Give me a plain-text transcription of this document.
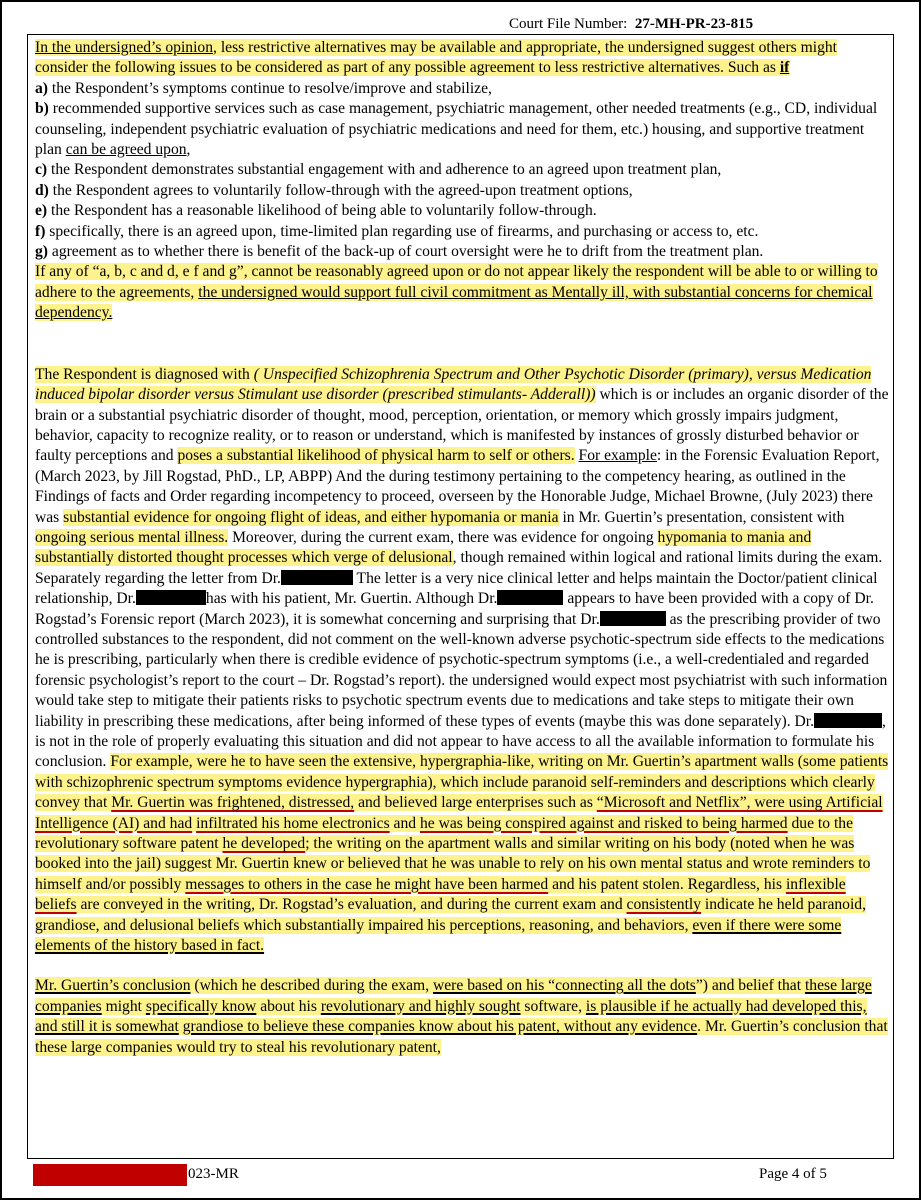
Court File Number: 27-MH-PR-23-815

In the undersigned’s opinion, less restrictive alternatives may be available and appropriate, the undersigned suggest others might consider the following issues to be considered as part of any possible agreement to less restrictive alternatives. Such as if
a) the Respondent’s symptoms continue to resolve/improve and stabilize,
b) recommended supportive services such as case management, psychiatric management, other needed treatments (e.g., CD, individual counseling, independent psychiatric evaluation of psychiatric medications and need for them, etc.) housing, and supportive treatment plan can be agreed upon,
c) the Respondent demonstrates substantial engagement with and adherence to an agreed upon treatment plan,
d) the Respondent agrees to voluntarily follow-through with the agreed-upon treatment options,
e) the Respondent has a reasonable likelihood of being able to voluntarily follow-through.
f) specifically, there is an agreed upon, time-limited plan regarding use of firearms, and purchasing or access to, etc.
g) agreement as to whether there is benefit of the back-up of court oversight were he to drift from the treatment plan.
If any of “a, b, c and d, e f and g”, cannot be reasonably agreed upon or do not appear likely the respondent will be able to or willing to adhere to the agreements, the undersigned would support full civil commitment as Mentally ill, with substantial concerns for chemical dependency.

The Respondent is diagnosed with ( Unspecified Schizophrenia Spectrum and Other Psychotic Disorder (primary), versus Medication induced bipolar disorder versus Stimulant use disorder (prescribed stimulants- Adderall)) which is or includes an organic disorder of the brain or a substantial psychiatric disorder of thought, mood, perception, orientation, or memory which grossly impairs judgment, behavior, capacity to recognize reality, or to reason or understand, which is manifested by instances of grossly disturbed behavior or faulty perceptions and poses a substantial likelihood of physical harm to self or others. For example: in the Forensic Evaluation Report, (March 2023, by Jill Rogstad, PhD., LP, ABPP) And the during testimony pertaining to the competency hearing, as outlined in the Findings of facts and Order regarding incompetency to proceed, overseen by the Honorable Judge, Michael Browne, (July 2023) there was substantial evidence for ongoing flight of ideas, and either hypomania or mania in Mr. Guertin’s presentation, consistent with ongoing serious mental illness. Moreover, during the current exam, there was evidence for ongoing hypomania to mania and substantially distorted thought processes which verge of delusional, though remained within logical and rational limits during the exam. Separately regarding the letter from Dr.	The letter is a very nice clinical letter and helps maintain the Doctor/patient clinical relationship, Dr.	has with his patient, Mr. Guertin. Although Dr.	appears to have been provided with a copy of Dr. Rogstad’s Forensic report (March 2023), it is somewhat concerning and surprising that Dr.	as the prescribing provider of two controlled substances to the respondent, did not comment on the well-known adverse psychotic-spectrum side effects to the medications he is prescribing, particularly when there is credible evidence of psychotic-spectrum symptoms (i.e., a well-credentialed and regarded forensic psychologist’s report to the court – Dr. Rogstad’s report). the undersigned would expect most psychiatrist with such information would take step to mitigate their patients risks to psychotic spectrum events due to medications and take steps to mitigate their own liability in prescribing these medications, after being informed of these types of events (maybe this was done separately). Dr.	, is not in the role of properly evaluating this situation and did not appear to have access to all the available information to formulate his conclusion. For example, were he to have seen the extensive, hypergraphia-like, writing on Mr. Guertin’s apartment walls (some patients with schizophrenic spectrum symptoms evidence hypergraphia), which include paranoid self-reminders and descriptions which clearly convey that Mr. Guertin was frightened, distressed, and believed large enterprises such as “Microsoft and Netflix”, were using Artificial Intelligence (AI) and had infiltrated his home electronics and he was being conspired against and risked to being harmed due to the revolutionary software patent he developed; the writing on the apartment walls and similar writing on his body (noted when he was booked into the jail) suggest Mr. Guertin knew or believed that he was unable to rely on his own mental status and wrote reminders to himself and/or possibly messages to others in the case he might have been harmed and his patent stolen. Regardless, his inflexible beliefs are conveyed in the writing, Dr. Rogstad’s evaluation, and during the current exam and consistently indicate he held paranoid, grandiose, and delusional beliefs which substantially impaired his perceptions, reasoning, and behaviors, even if there were some elements of the history based in fact.

Mr. Guertin’s conclusion (which he described during the exam, were based on his “connecting all the dots”) and belief that these large companies might specifically know about his revolutionary and highly sought software, is plausible if he actually had developed this, and still it is somewhat grandiose to believe these companies know about his patent, without any evidence. Mr. Guertin’s conclusion that these large companies would try to steal his revolutionary patent,

023-MR	Page 4 of 5
